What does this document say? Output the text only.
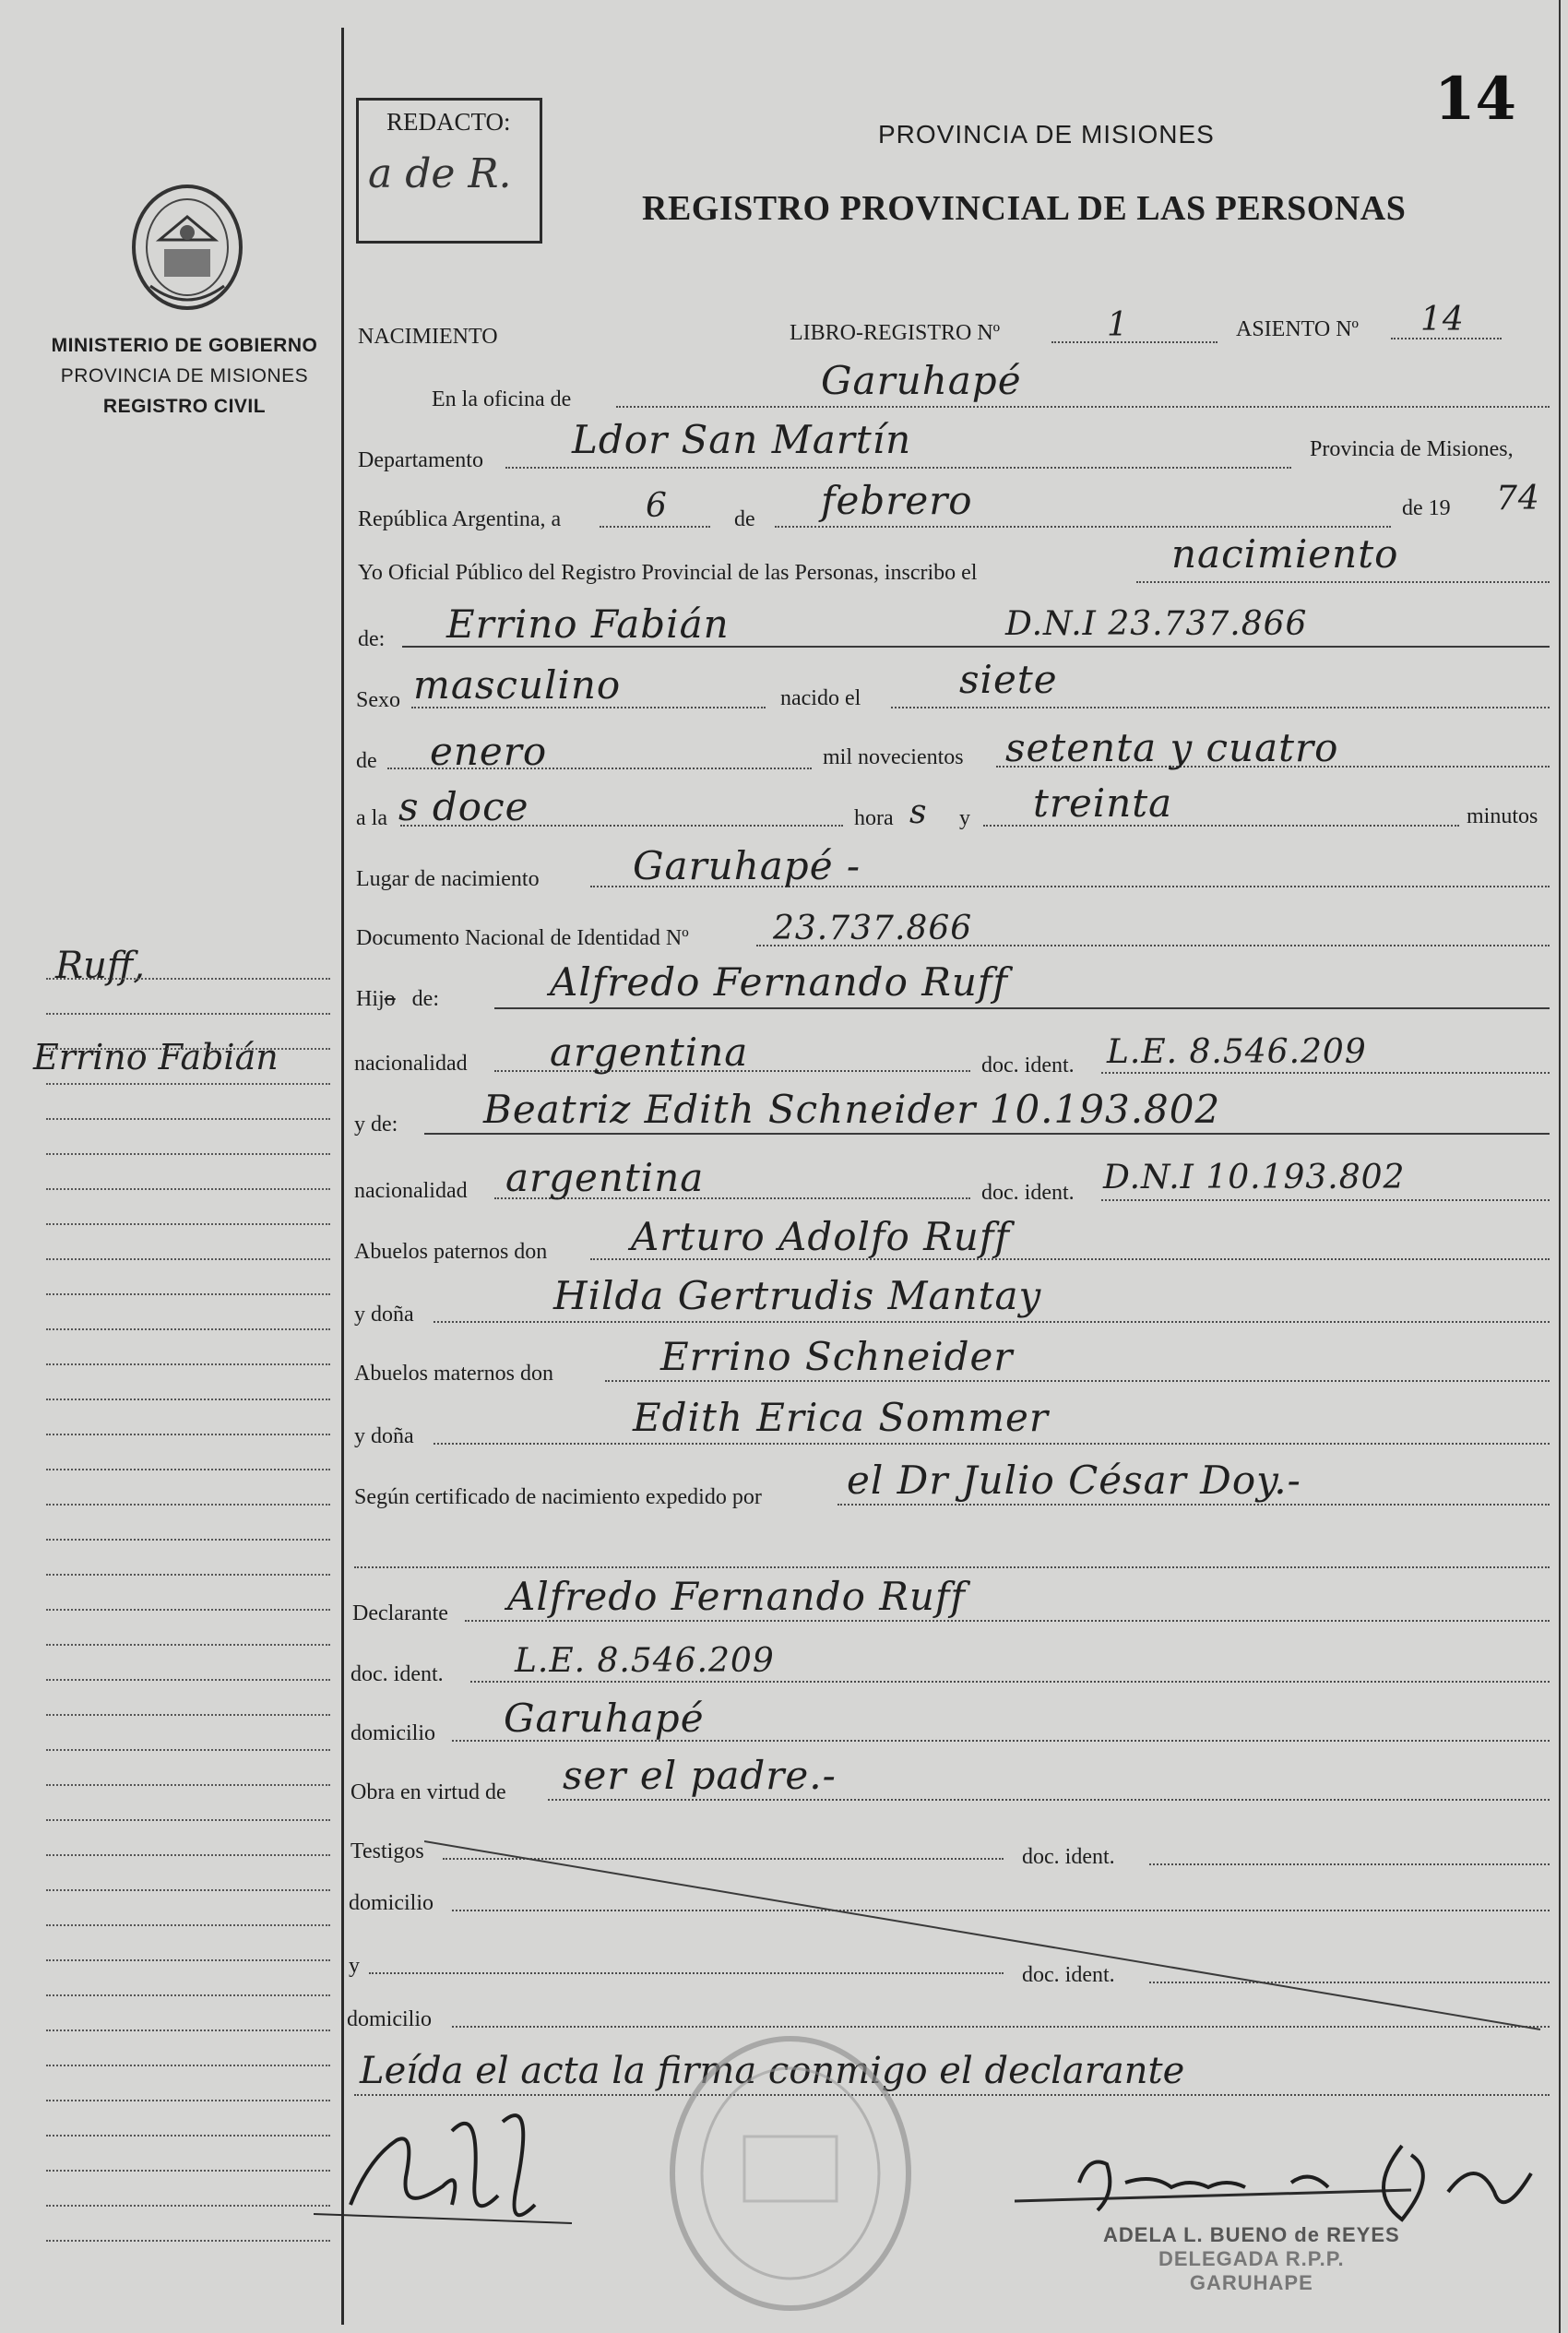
14
MINISTERIO DE GOBIERNO
PROVINCIA DE MISIONES
REGISTRO CIVIL
Ruff,
Errino Fabián
REDACTO:
a de R.
PROVINCIA DE MISIONES
REGISTRO PROVINCIAL DE LAS PERSONAS
NACIMIENTO	LIBRO-REGISTRO Nº	1	ASIENTO Nº 14
En la oficina de	Garuhapé
Departamento Ldor San Martín	Provincia de Misiones,
República Argentina, a	6	de febrero	de 19 74
Yo Oficial Público del Registro Provincial de las Personas, inscribo el	nacimiento
de: Errino Fabián	D.N.I 23.737.866
Sexo masculino	nacido el	siete
de enero	mil novecientos setenta y cuatro
a la s doce	hora s y treinta	minutos
Lugar de nacimiento Garuhapé -
Documento Nacional de Identidad Nº	23.737.866
Hijo de:	Alfredo Fernando Ruff
nacionalidad argentina	doc. ident. L.E. 8.546.209
y de: Beatriz Edith Schneider 10.193.802
nacionalidad argentina	doc. ident. D.N.I 10.193.802
Abuelos paternos don Arturo Adolfo Ruff
y doña	Hilda Gertrudis Mantay
Abuelos maternos don	Errino Schneider
y doña	Edith Erica Sommer
Según certificado de nacimiento expedido por el Dr Julio César Doy.-
Declarante Alfredo Fernando Ruff
doc. ident. L.E. 8.546.209
domicilio Garuhapé
Obra en virtud de ser el padre.-
Testigos	doc. ident.
domicilio
y	doc. ident.
domicilio
Leída el acta la firma conmigo el declarante
ADELA L. BUENO de REYES
DELEGADA R.P.P.
GARUHAPE
